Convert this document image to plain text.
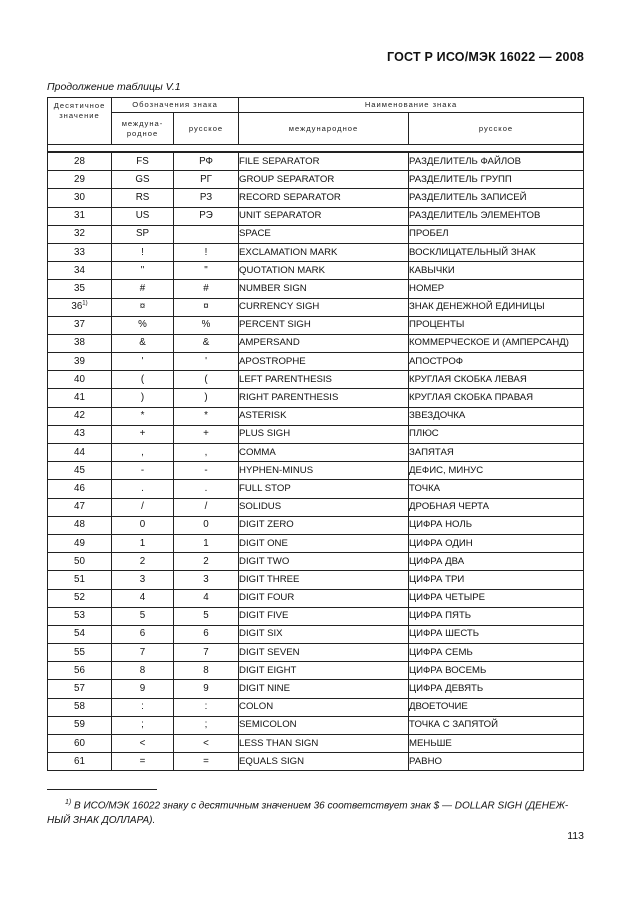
ГОСТ Р ИСО/МЭК 16022 — 2008
Продолжение таблицы V.1
Десятичное значение	Обозначения знака		Наименование знака	
	междуна-родное	русское	международное	русское

28	FS	РФ	FILE SEPARATOR	РАЗДЕЛИТЕЛЬ ФАЙЛОВ
29	GS	РГ	GROUP SEPARATOR	РАЗДЕЛИТЕЛЬ ГРУПП
30	RS	РЗ	RECORD SEPARATOR	РАЗДЕЛИТЕЛЬ ЗАПИСЕЙ
31	US	РЭ	UNIT SEPARATOR	РАЗДЕЛИТЕЛЬ ЭЛЕМЕНТОВ
32	SP		SPACE	ПРОБЕЛ
33	!	!	EXCLAMATION MARK	ВОСКЛИЦАТЕЛЬНЫЙ ЗНАК
34	"	"	QUOTATION MARK	КАВЫЧКИ
35	#	#	NUMBER SIGN	НОМЕР
36$^{1)}$	¤	¤	CURRENCY SIGH	ЗНАК ДЕНЕЖНОЙ ЕДИНИЦЫ
37	%	%	PERCENT SIGH	ПРОЦЕНТЫ
38	&	&	AMPERSAND	КОММЕРЧЕСКОЕ И (АМПЕРСАНД)
39	'	'	APOSTROPHE	АПОСТРОФ
40	(	(	LEFT PARENTHESIS	КРУГЛАЯ СКОБКА ЛЕВАЯ
41	)	)	RIGHT PARENTHESIS	КРУГЛАЯ СКОБКА ПРАВАЯ
42	*	*	ASTERISK	ЗВЕЗДОЧКА
43	+	+	PLUS SIGH	ПЛЮС
44	,	,	COMMA	ЗАПЯТАЯ
45	-	-	HYPHEN-MINUS	ДЕФИС, МИНУС
46	.	.	FULL STOP	ТОЧКА
47	/	/	SOLIDUS	ДРОБНАЯ ЧЕРТА
48	0	0	DIGIT ZERO	ЦИФРА НОЛЬ
49	1	1	DIGIT ONE	ЦИФРА ОДИН
50	2	2	DIGIT TWO	ЦИФРА ДВА
51	3	3	DIGIT THREE	ЦИФРА ТРИ
52	4	4	DIGIT FOUR	ЦИФРА ЧЕТЫРЕ
53	5	5	DIGIT FIVE	ЦИФРА ПЯТЬ
54	6	6	DIGIT SIX	ЦИФРА ШЕСТЬ
55	7	7	DIGIT SEVEN	ЦИФРА СЕМЬ
56	8	8	DIGIT EIGHT	ЦИФРА ВОСЕМЬ
57	9	9	DIGIT NINE	ЦИФРА ДЕВЯТЬ
58	:	:	COLON	ДВОЕТОЧИЕ
59	;	;	SEMICOLON	ТОЧКА С ЗАПЯТОЙ
60	<	<	LESS THAN SIGN	МЕНЬШЕ
61	=	=	EQUALS SIGN	РАВНО
$^{1)}$ В ИСО/МЭК 16022 знаку с десятичным значением 36 соответствует знак $ — DOLLAR SIGH (ДЕНЕЖ-НЫЙ ЗНАК ДОЛЛАРА).
113
